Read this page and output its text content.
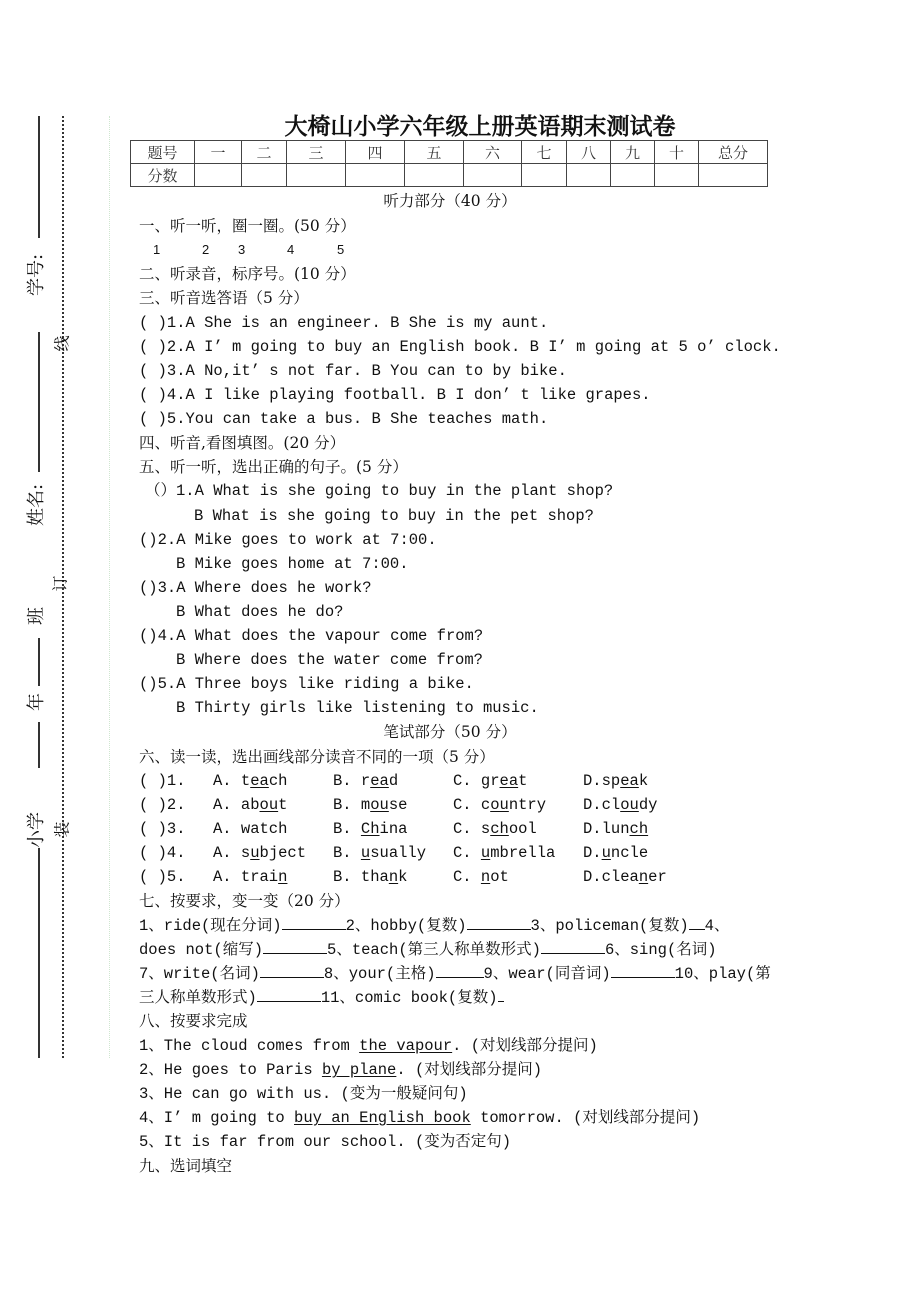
学号:
姓名:
班
年
小学
线
订
装
大椅山小学六年级上册英语期末测试卷
题号	一	二	三	四	五	六	七	八	九	十	总分
分数											
听力部分（40 分）
一、听一听，圈一圈。(50 分）
1	2 3	4	5
二、听录音，标序号。(10 分）
三、听音选答语（5 分）
( )1.A She is an engineer. B She is my aunt.
( )2.A I’ m going to buy an English book. B I’ m going at 5 o’ clock.
( )3.A No,it’ s not far. B You can to by bike.
( )4.A I like playing football. B I don’ t like grapes.
( )5.You can take a bus. B She teaches math.
四、听音,看图填图。(20 分）
五、听一听，选出正确的句子。(5 分）
（）1.A What is she going to buy in the plant shop?
B What is she going to buy in the pet shop?
()2.A Mike goes to work at 7:00.
B Mike goes home at 7:00.
()3.A Where does he work?
B What does he do?
()4.A What does the vapour come from?
B Where does the water come from?
()5.A Three boys like riding a bike.
B Thirty girls like listening to music.
笔试部分（50 分）
六、读一读，选出画线部分读音不同的一项（5 分）
( )1. A. teach	B. read	C. great	D.speak
( )2. A. about	B. mouse	C. country D.cloudy
( )3. A. watch	B. China	C. school	D.lunch
( )4. A. subject B. usually C. umbrella D.uncle
( )5. A. train	B. thank	C. not	D.cleaner
七、按要求，变一变（20 分）
1、ride(现在分词)	2、hobby(复数)	3、policeman(复数) 4、
does not(缩写)	5、teach(第三人称单数形式)	6、sing(名词)
7、write(名词)	8、your(主格)	9、wear(同音词)	10、play(第
三人称单数形式)	11、comic book(复数)
八、按要求完成
1、The cloud comes from the vapour. (对划线部分提问)
2、He goes to Paris by plane. (对划线部分提问)
3、He can go with us. (变为一般疑问句)
4、I’ m going to buy an English book tomorrow. (对划线部分提问)
5、It is far from our school. (变为否定句)
九、选词填空
